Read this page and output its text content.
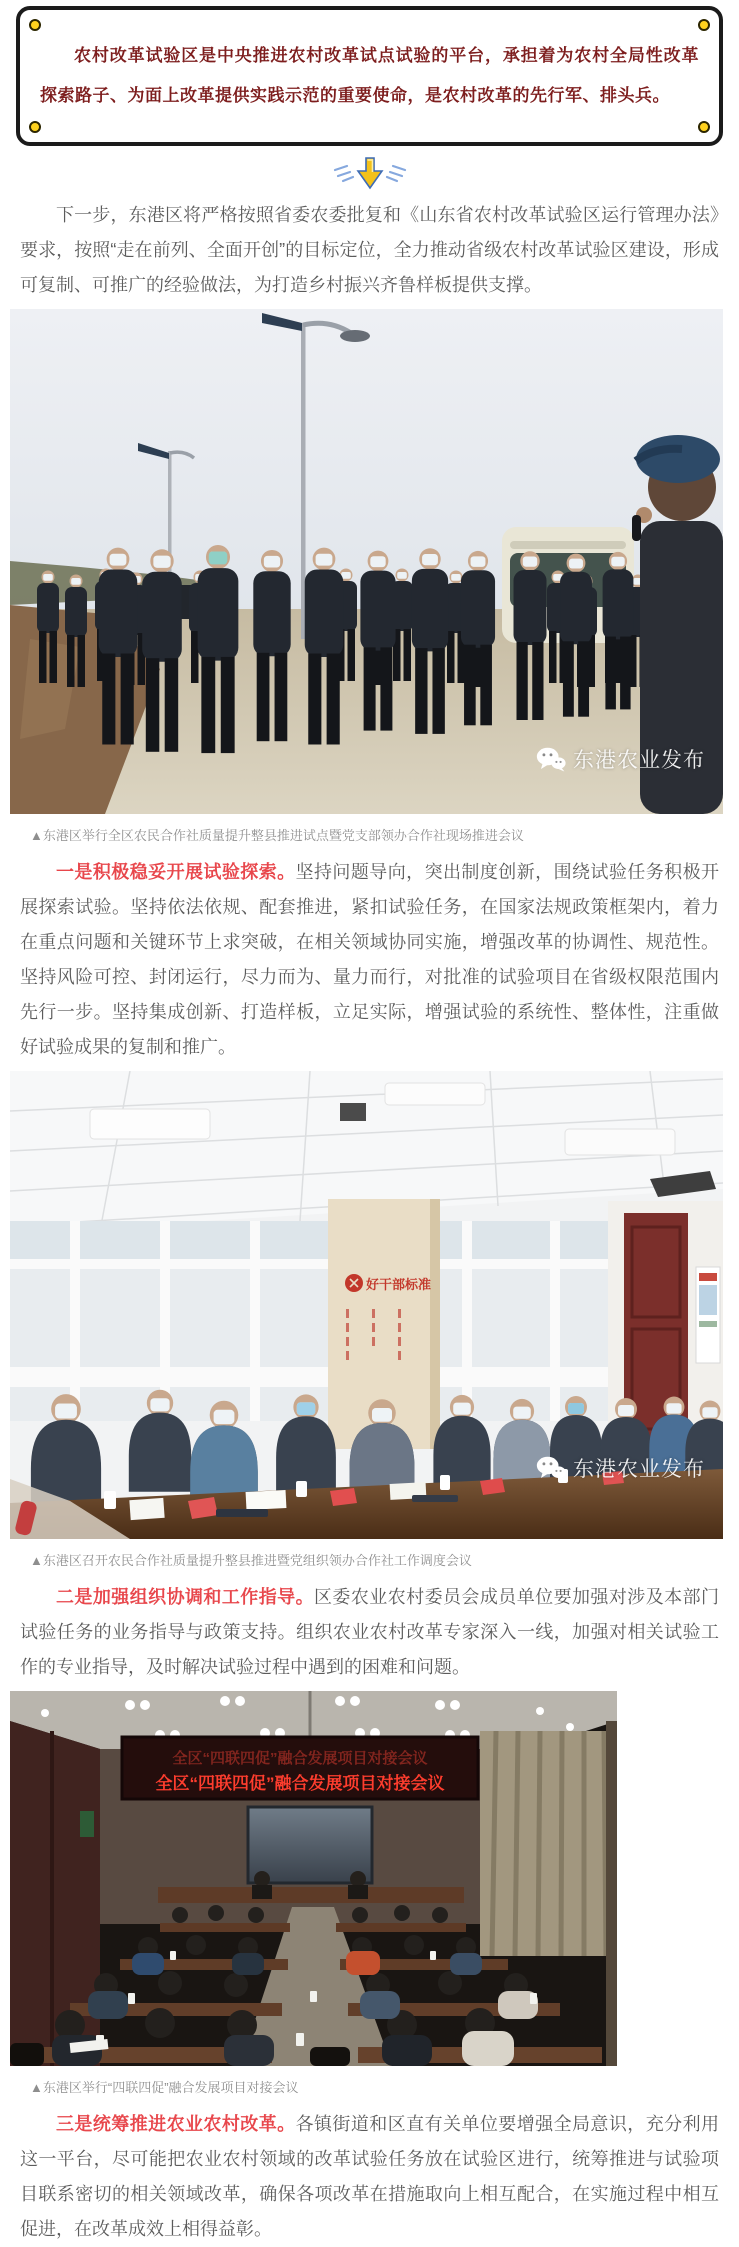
农村改革试验区是中央推进农村改革试点试验的平台，承担着为农村全局性改革探索路子、为面上改革提供实践示范的重要使命，是农村改革的先行军、排头兵。

下一步，东港区将严格按照省委农委批复和《山东省农村改革试验区运行管理办法》要求，按照“走在前列、全面开创”的目标定位，全力推动省级农村改革试验区建设，形成可复制、可推广的经验做法，为打造乡村振兴齐鲁样板提供支撑。

东港农业发布

▲东港区举行全区农民合作社质量提升整县推进试点暨党支部领办合作社现场推进会议

一是积极稳妥开展试验探索。坚持问题导向，突出制度创新，围绕试验任务积极开展探索试验。坚持依法依规、配套推进，紧扣试验任务，在国家法规政策框架内，着力在重点问题和关键环节上求突破，在相关领域协同实施，增强改革的协调性、规范性。坚持风险可控、封闭运行，尽力而为、量力而行，对批准的试验项目在省级权限范围内先行一步。坚持集成创新、打造样板，立足实际，增强试验的系统性、整体性，注重做好试验成果的复制和推广。

好干部标准
东港农业发布

▲东港区召开农民合作社质量提升整县推进暨党组织领办合作社工作调度会议

二是加强组织协调和工作指导。区委农业农村委员会成员单位要加强对涉及本部门试验任务的业务指导与政策支持。组织农业农村改革专家深入一线，加强对相关试验工作的专业指导，及时解决试验过程中遇到的困难和问题。

全区“四联四促”融合发展项目对接会议
全区“四联四促”融合发展项目对接会议

▲东港区举行“四联四促”融合发展项目对接会议

三是统筹推进农业农村改革。各镇街道和区直有关单位要增强全局意识，充分利用这一平台，尽可能把农业农村领域的改革试验任务放在试验区进行，统筹推进与试验项目联系密切的相关领域改革，确保各项改革在措施取向上相互配合，在实施过程中相互促进，在改革成效上相得益彰。
